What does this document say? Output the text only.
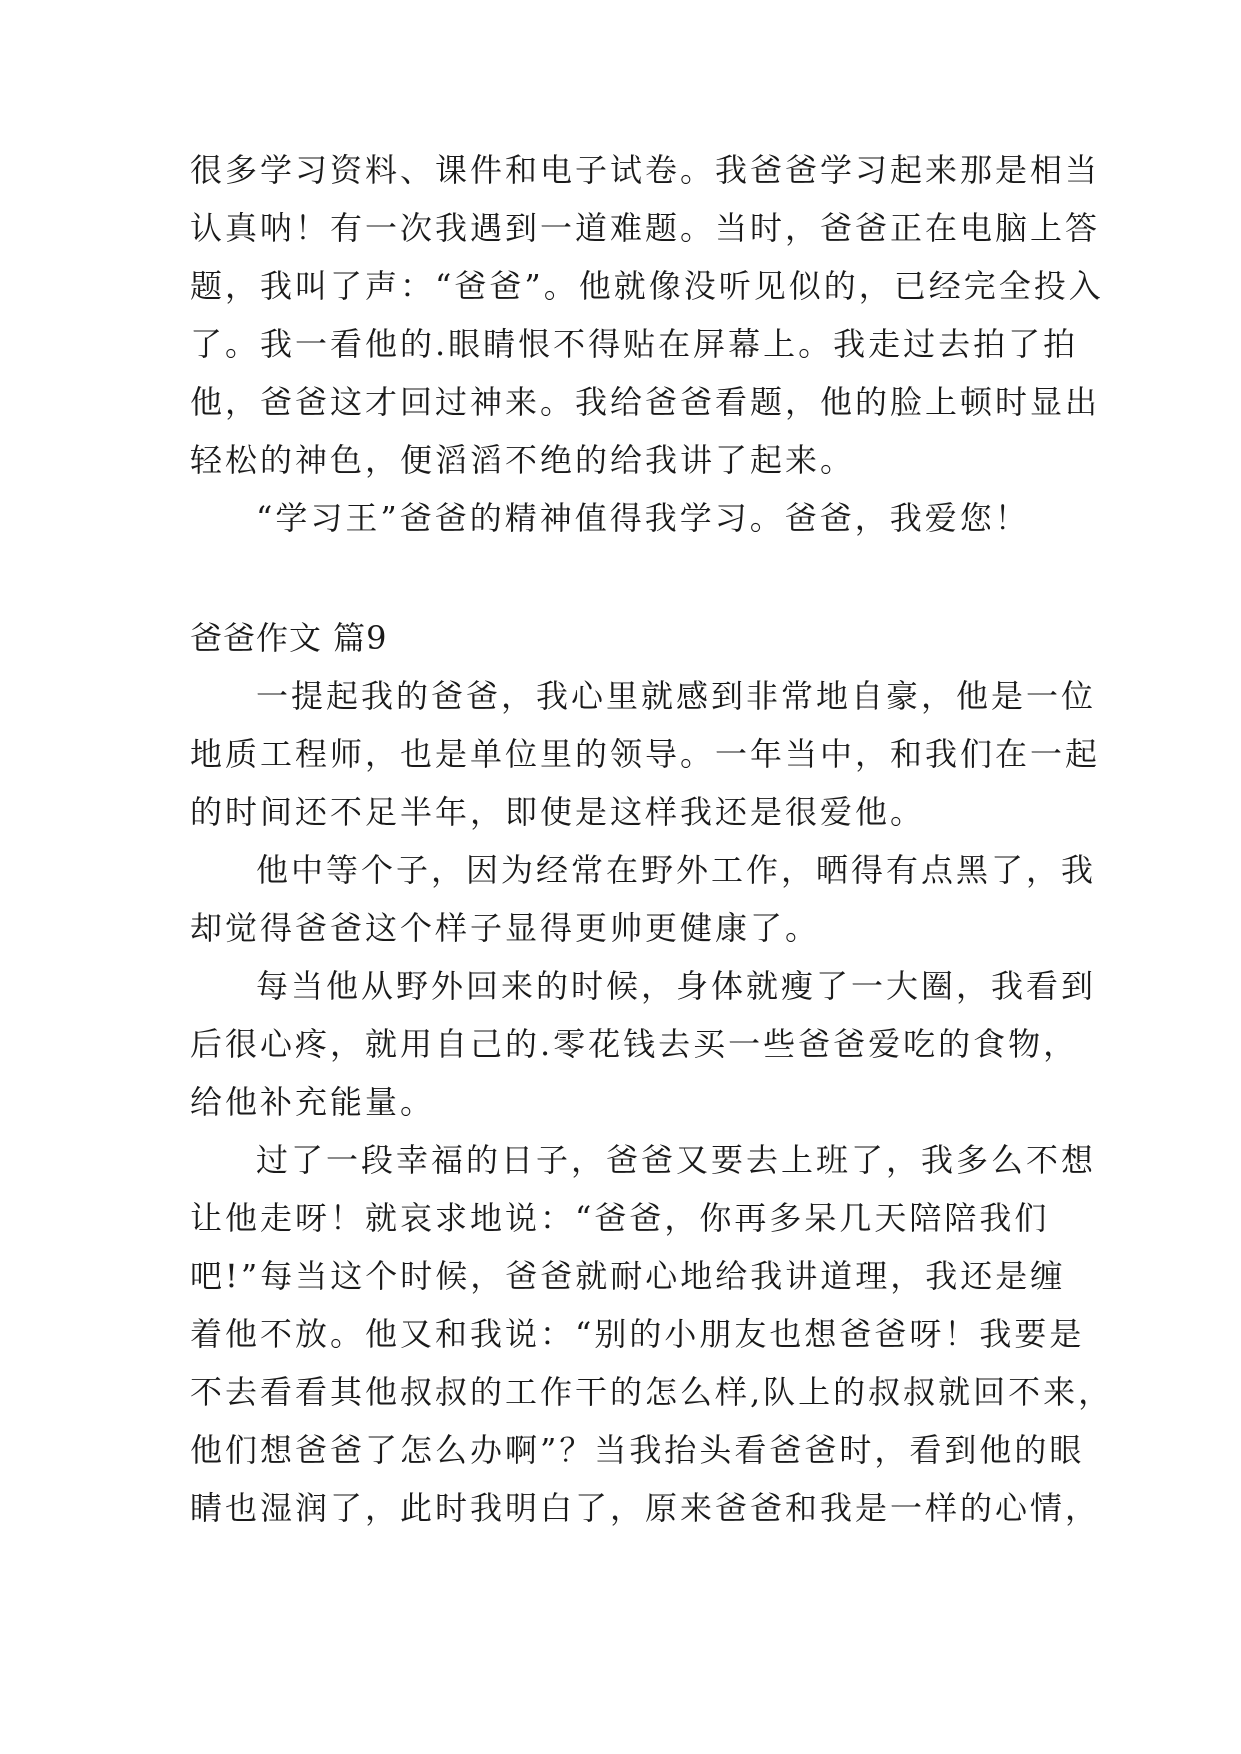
很多学习资料、课件和电子试卷。我爸爸学习起来那是相当
认真呐！有一次我遇到一道难题。当时，爸爸正在电脑上答
题，我叫了声：“爸爸”。他就像没听见似的，已经完全投入
了。我一看他的.眼睛恨不得贴在屏幕上。我走过去拍了拍
他，爸爸这才回过神来。我给爸爸看题，他的脸上顿时显出
轻松的神色，便滔滔不绝的给我讲了起来。
“学习王”爸爸的精神值得我学习。爸爸，我爱您！
爸爸作文 篇9
一提起我的爸爸，我心里就感到非常地自豪，他是一位
地质工程师，也是单位里的领导。一年当中，和我们在一起
的时间还不足半年，即使是这样我还是很爱他。
他中等个子，因为经常在野外工作，晒得有点黑了，我
却觉得爸爸这个样子显得更帅更健康了。
每当他从野外回来的时候，身体就瘦了一大圈，我看到
后很心疼，就用自己的.零花钱去买一些爸爸爱吃的食物，
给他补充能量。
过了一段幸福的日子，爸爸又要去上班了，我多么不想
让他走呀！就哀求地说：“爸爸，你再多呆几天陪陪我们
吧!”每当这个时候，爸爸就耐心地给我讲道理，我还是缠
着他不放。他又和我说：“别的小朋友也想爸爸呀！我要是
不去看看其他叔叔的工作干的怎么样,队上的叔叔就回不来，
他们想爸爸了怎么办啊”？当我抬头看爸爸时，看到他的眼
睛也湿润了，此时我明白了，原来爸爸和我是一样的心情，
